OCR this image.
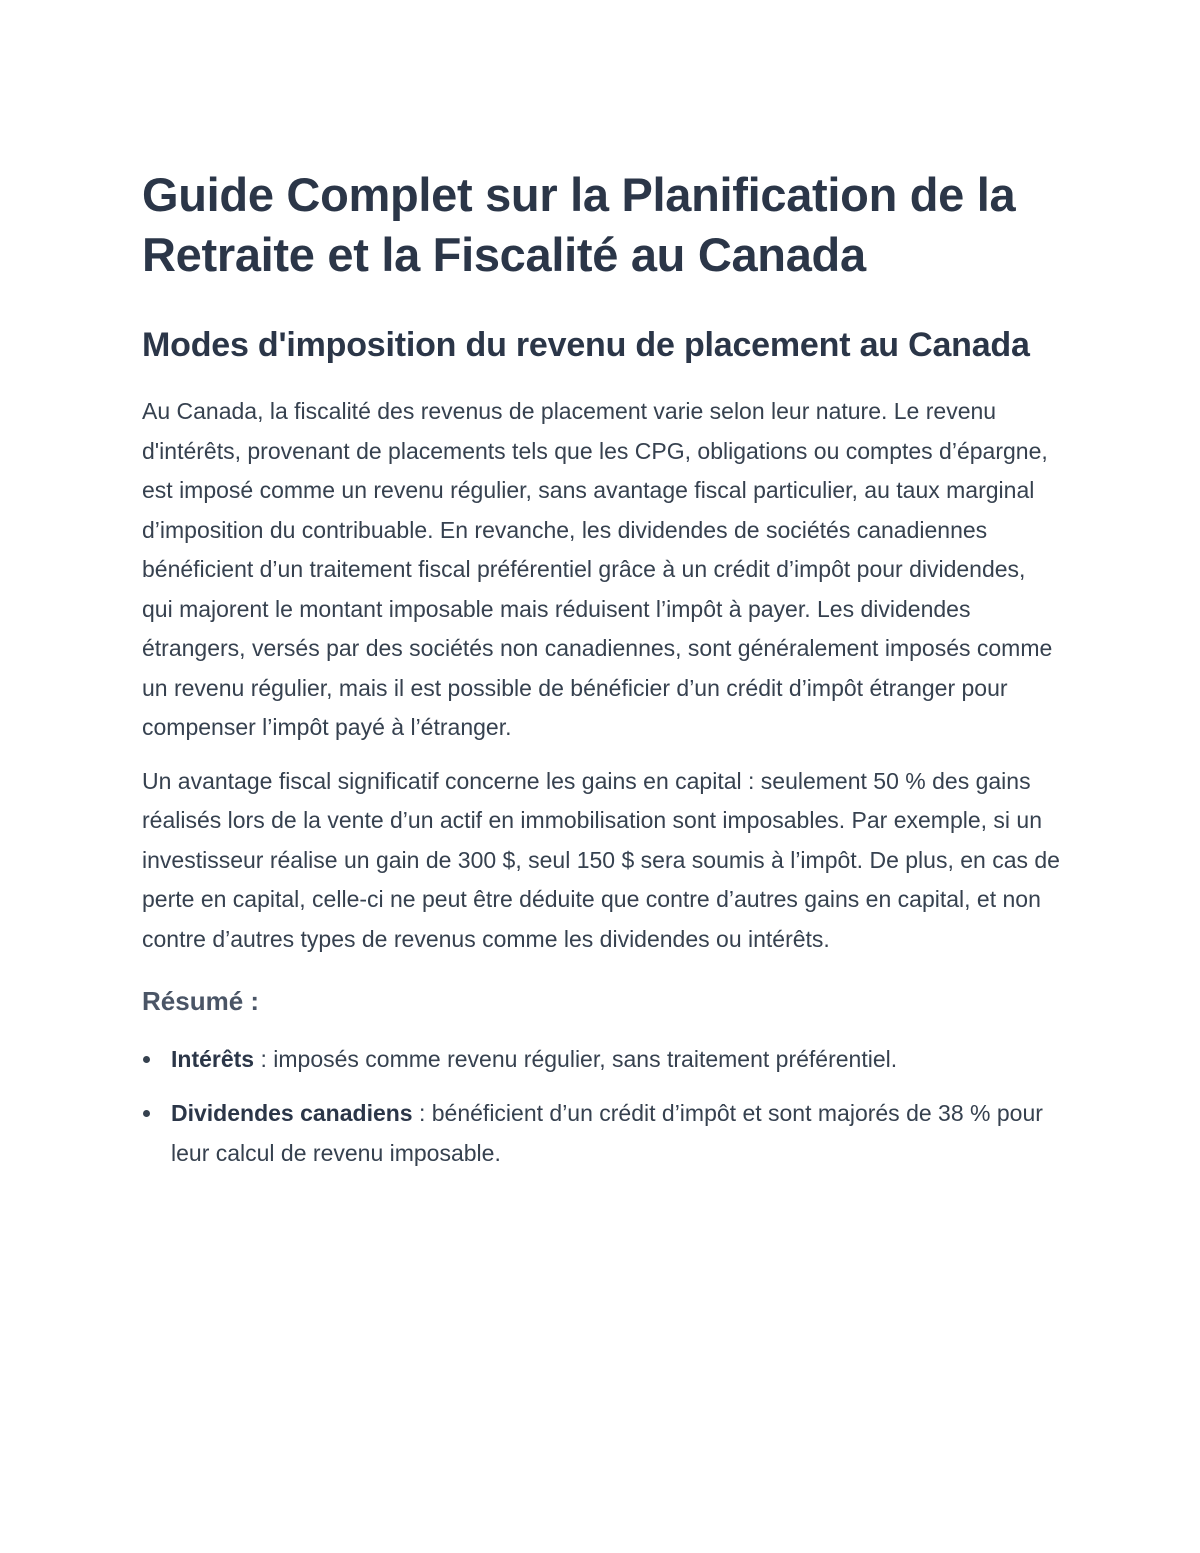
Guide Complet sur la Planification de la Retraite et la Fiscalité au Canada
Modes d'imposition du revenu de placement au Canada

Au Canada, la fiscalité des revenus de placement varie selon leur nature. Le revenu d'intérêts, provenant de placements tels que les CPG, obligations ou comptes d’épargne, est imposé comme un revenu régulier, sans avantage fiscal particulier, au taux marginal d’imposition du contribuable. En revanche, les dividendes de sociétés canadiennes bénéficient d’un traitement fiscal préférentiel grâce à un crédit d’impôt pour dividendes, qui majorent le montant imposable mais réduisent l’impôt à payer. Les dividendes étrangers, versés par des sociétés non canadiennes, sont généralement imposés comme un revenu régulier, mais il est possible de bénéficier d’un crédit d’impôt étranger pour compenser l’impôt payé à l’étranger.

Un avantage fiscal significatif concerne les gains en capital : seulement 50 % des gains réalisés lors de la vente d’un actif en immobilisation sont imposables. Par exemple, si un investisseur réalise un gain de 300 $, seul 150 $ sera soumis à l’impôt. De plus, en cas de perte en capital, celle-ci ne peut être déduite que contre d’autres gains en capital, et non contre d’autres types de revenus comme les dividendes ou intérêts.

Résumé :
Intérêts : imposés comme revenu régulier, sans traitement préférentiel.
Dividendes canadiens : bénéficient d’un crédit d’impôt et sont majorés de 38 % pour leur calcul de revenu imposable.
